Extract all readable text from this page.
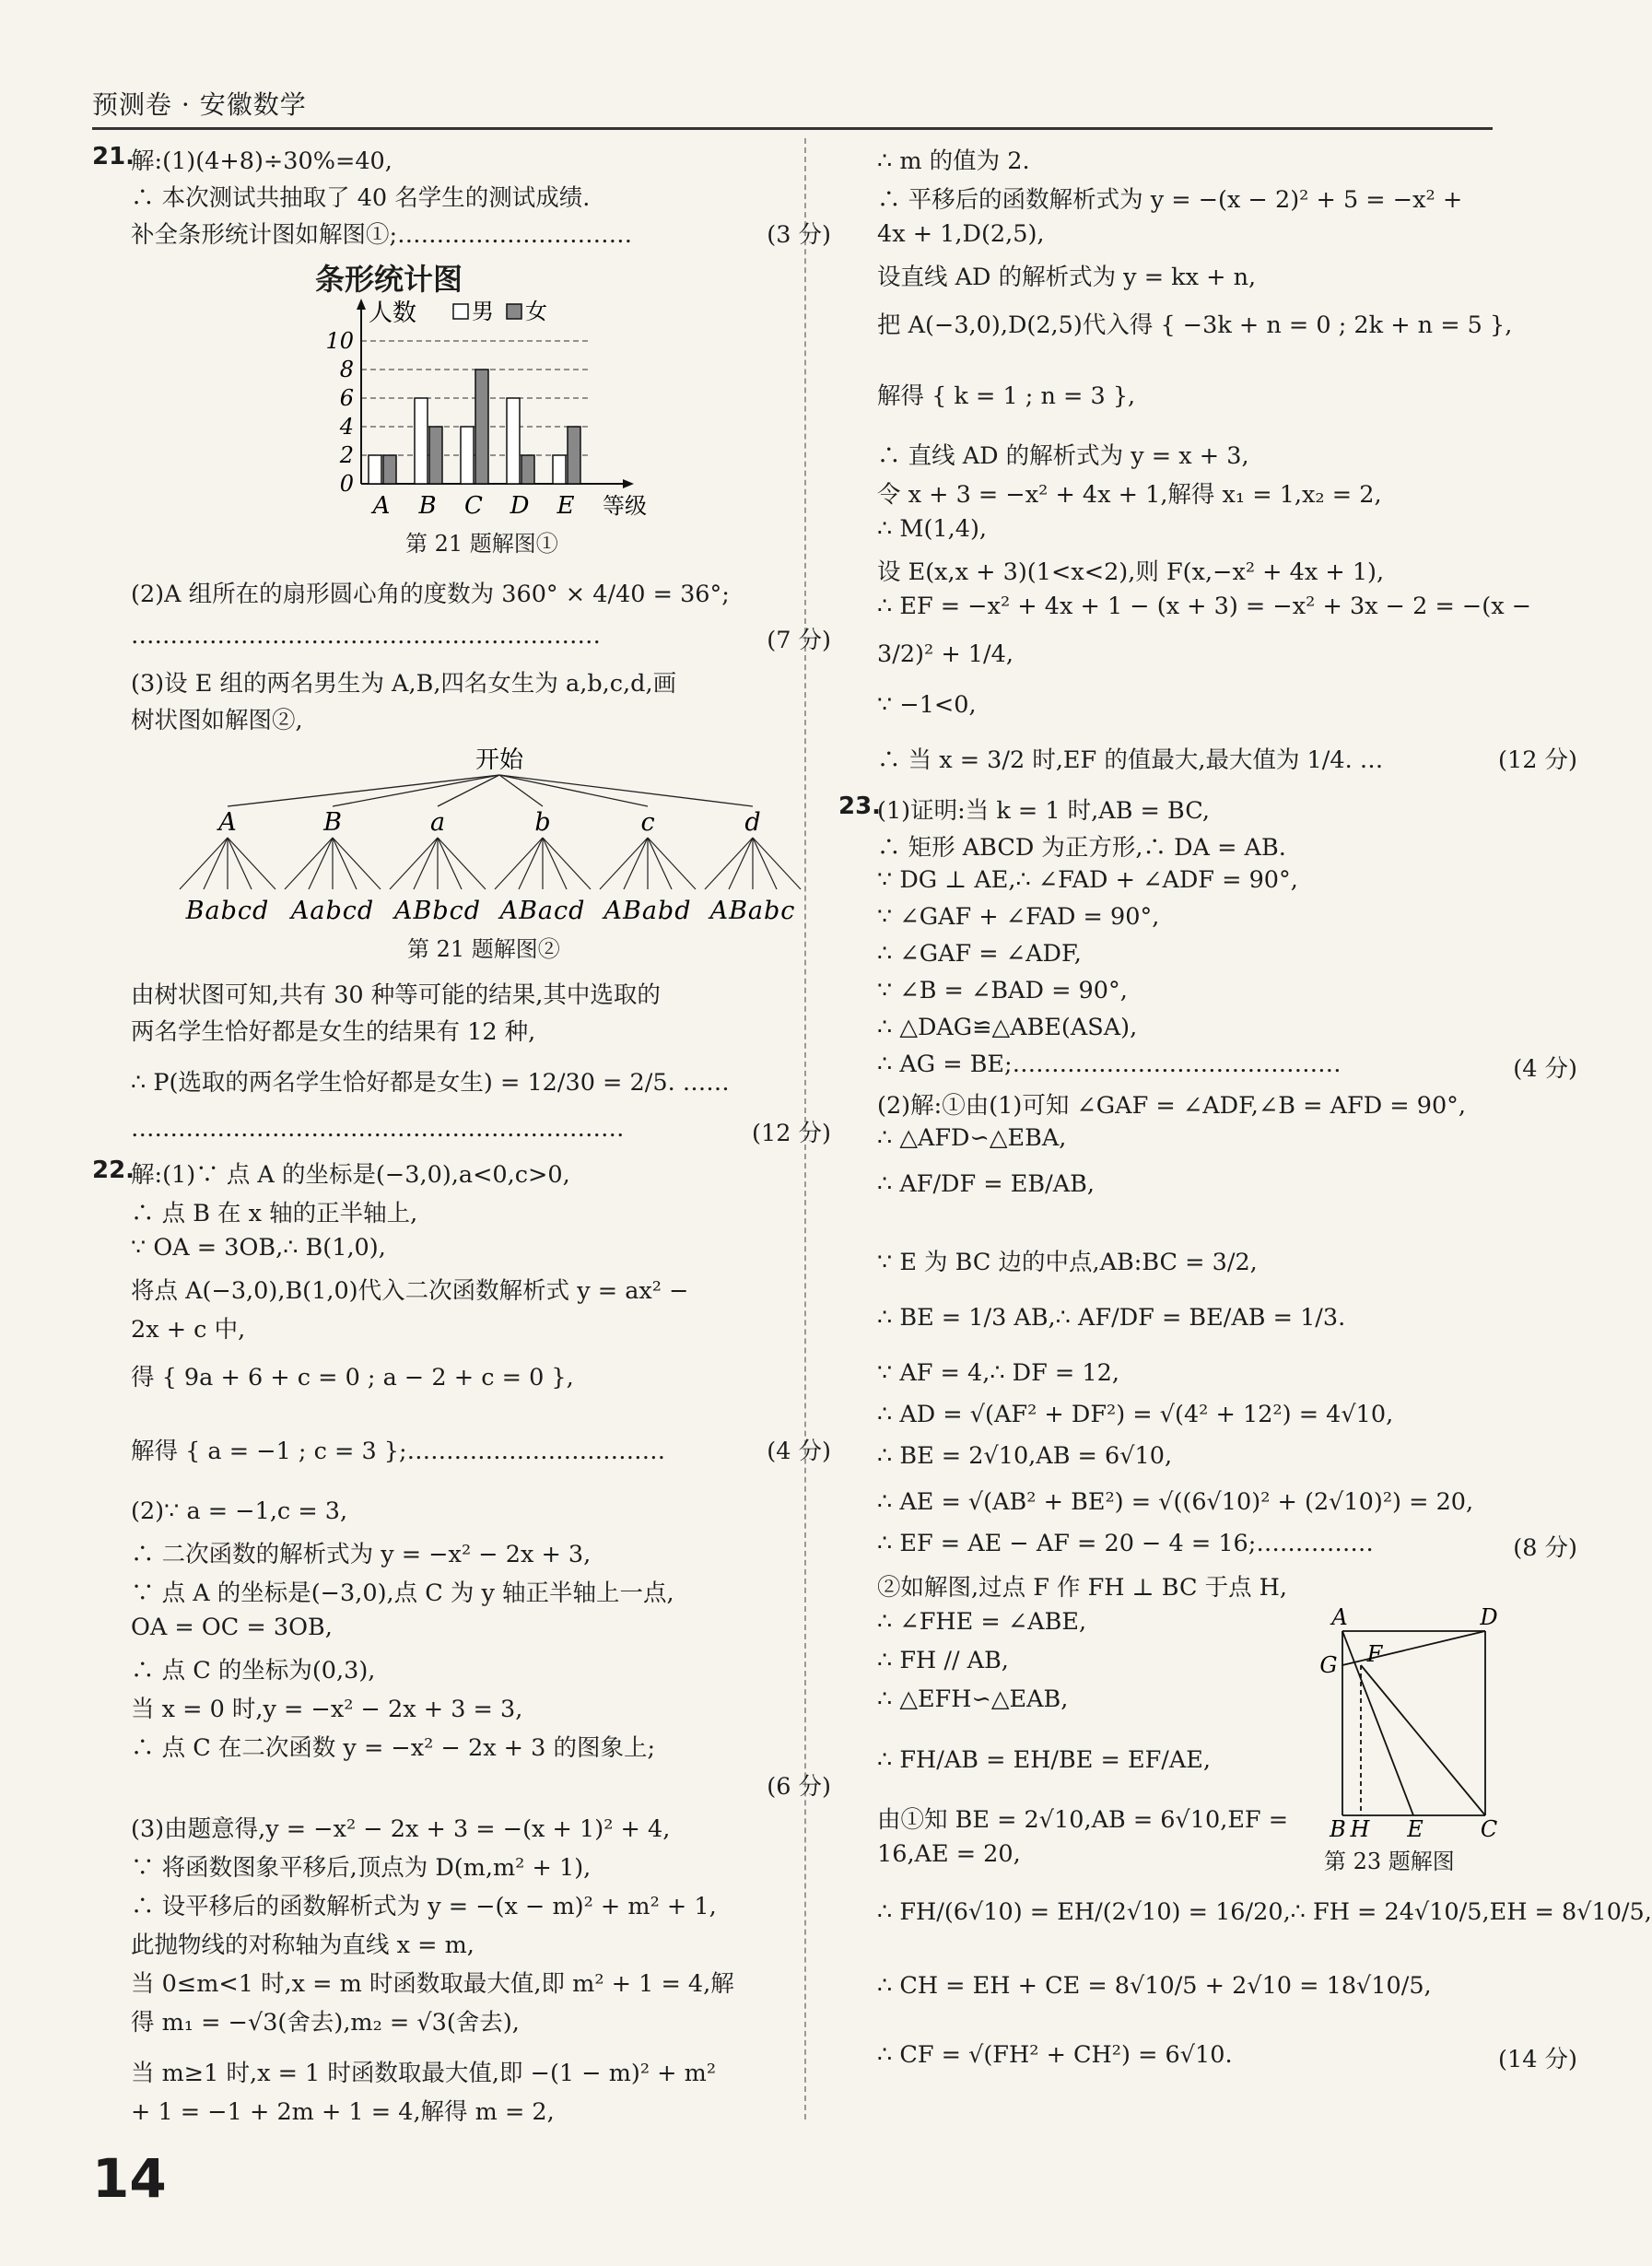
预测卷 · 安徽数学
21.
解:(1)(4+8)÷30%=40,
∴ 本次测试共抽取了 40 名学生的测试成绩.
补全条形统计图如解图①;…………………………	(3 分)
条形统计图
0
2
4
6
8
10
人数
等级
男 女
A B C D E
第 21 题解图①
(2)A 组所在的扇形圆心角的度数为 360° × 4/40 = 36°;
……………………………………………………	(7 分)
(3)设 E 组的两名男生为 A,B,四名女生为 a,b,c,d,画
树状图如解图②,
开始
A
Babcd
B
Aabcd
a
ABbcd
b
ABacd
c
ABabd
d
ABabc
第 21 题解图②
由树状图可知,共有 30 种等可能的结果,其中选取的
两名学生恰好都是女生的结果有 12 种,
∴ P(选取的两名学生恰好都是女生) = 12/30 = 2/5. ……
………………………………………………………	(12 分)
22.
解:(1)∵ 点 A 的坐标是(−3,0),a<0,c>0,
∴ 点 B 在 x 轴的正半轴上,
∵ OA = 3OB,∴ B(1,0),
将点 A(−3,0),B(1,0)代入二次函数解析式 y = ax² −
2x + c 中,
得 { 9a + 6 + c = 0 ; a − 2 + c = 0 },
解得 { a = −1 ; c = 3 };……………………………	(4 分)
(2)∵ a = −1,c = 3,
∴ 二次函数的解析式为 y = −x² − 2x + 3,
∵ 点 A 的坐标是(−3,0),点 C 为 y 轴正半轴上一点,
OA = OC = 3OB,
∴ 点 C 的坐标为(0,3),
当 x = 0 时,y = −x² − 2x + 3 = 3,
∴ 点 C 在二次函数 y = −x² − 2x + 3 的图象上;
(6 分)
(3)由题意得,y = −x² − 2x + 3 = −(x + 1)² + 4,
∵ 将函数图象平移后,顶点为 D(m,m² + 1),
∴ 设平移后的函数解析式为 y = −(x − m)² + m² + 1,
此抛物线的对称轴为直线 x = m,
当 0≤m<1 时,x = m 时函数取最大值,即 m² + 1 = 4,解
得 m₁ = −√3(舍去),m₂ = √3(舍去),
当 m≥1 时,x = 1 时函数取最大值,即 −(1 − m)² + m²
+ 1 = −1 + 2m + 1 = 4,解得 m = 2,
∴ m 的值为 2.
∴ 平移后的函数解析式为 y = −(x − 2)² + 5 = −x² +
4x + 1,D(2,5),
设直线 AD 的解析式为 y = kx + n,
把 A(−3,0),D(2,5)代入得 { −3k + n = 0 ; 2k + n = 5 },
解得 { k = 1 ; n = 3 },
∴ 直线 AD 的解析式为 y = x + 3,
令 x + 3 = −x² + 4x + 1,解得 x₁ = 1,x₂ = 2,
∴ M(1,4),
设 E(x,x + 3)(1<x<2),则 F(x,−x² + 4x + 1),
∴ EF = −x² + 4x + 1 − (x + 3) = −x² + 3x − 2 = −(x −
3/2)² + 1/4,
∵ −1<0,
∴ 当 x = 3/2 时,EF 的值最大,最大值为 1/4. …	(12 分)
23.
(1)证明:当 k = 1 时,AB = BC,
∴ 矩形 ABCD 为正方形,∴ DA = AB.
∵ DG ⊥ AE,∴ ∠FAD + ∠ADF = 90°,
∵ ∠GAF + ∠FAD = 90°,
∴ ∠GAF = ∠ADF,
∵ ∠B = ∠BAD = 90°,
∴ △DAG≌△ABE(ASA),
∴ AG = BE;……………………………………	(4 分)
(2)解:①由(1)可知 ∠GAF = ∠ADF,∠B = AFD = 90°,
∴ △AFD∽△EBA,
∴ AF/DF = EB/AB,
∵ E 为 BC 边的中点,AB:BC = 3/2,
∴ BE = 1/3 AB,∴ AF/DF = BE/AB = 1/3.
∵ AF = 4,∴ DF = 12,
∴ AD = √(AF² + DF²) = √(4² + 12²) = 4√10,
∴ BE = 2√10,AB = 6√10,
∴ AE = √(AB² + BE²) = √((6√10)² + (2√10)²) = 20,
∴ EF = AE − AF = 20 − 4 = 16;……………	(8 分)
②如解图,过点 F 作 FH ⊥ BC 于点 H,
∴ ∠FHE = ∠ABE,
∴ FH // AB,
∴ △EFH∽△EAB,
∴ FH/AB = EH/BE = EF/AE,
由①知 BE = 2√10,AB = 6√10,EF =
16,AE = 20,
∴ FH/(6√10) = EH/(2√10) = 16/20,∴ FH = 24√10/5,EH = 8√10/5,
∴ CH = EH + CE = 8√10/5 + 2√10 = 18√10/5,
∴ CF = √(FH² + CH²) = 6√10.	(14 分)
A	D
F
G
B H E	C
第 23 题解图
14
